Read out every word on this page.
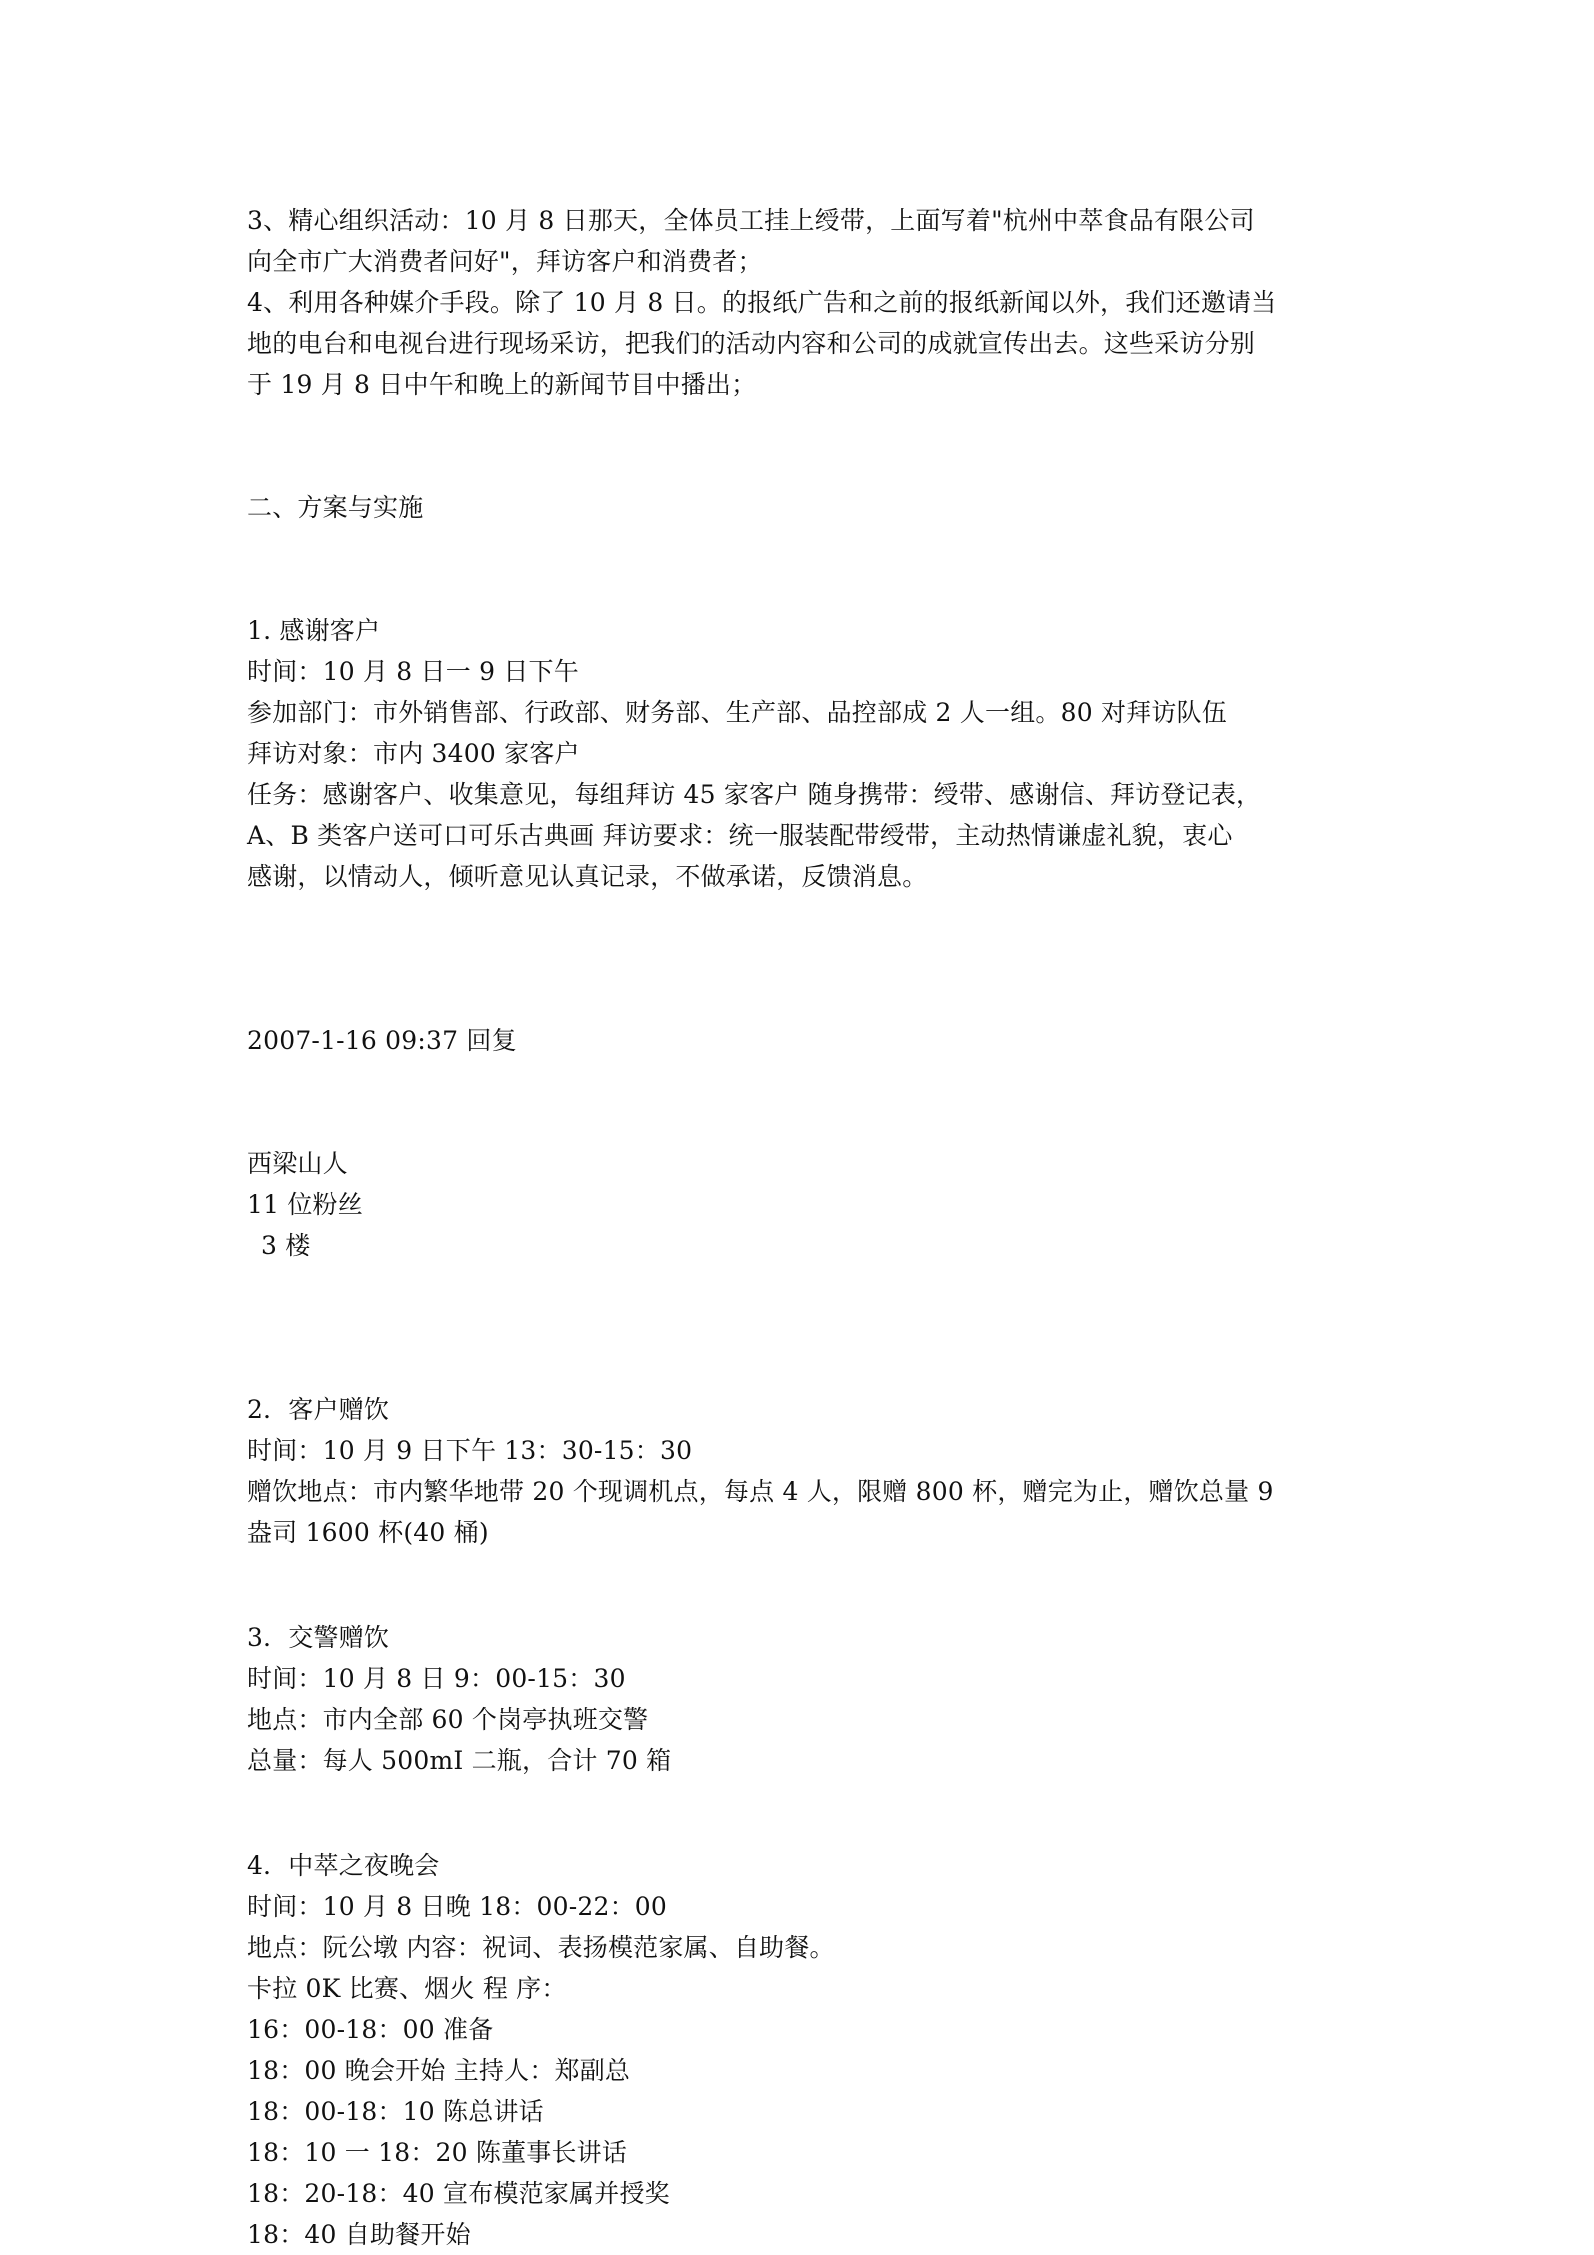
3、精心组织活动：10 月 8 日那天，全体员工挂上绶带，上面写着"杭州中萃食品有限公司
向全市广大消费者问好"，拜访客户和消费者；
4、利用各种媒介手段。除了 10 月 8 日。的报纸广告和之前的报纸新闻以外，我们还邀请当
地的电台和电视台进行现场采访，把我们的活动内容和公司的成就宣传出去。这些采访分别
于 19 月 8 日中午和晚上的新闻节目中播出；
二、方案与实施
1. 感谢客户
时间：10 月 8 日一 9 日下午
参加部门：市外销售部、行政部、财务部、生产部、品控部成 2 人一组。80 对拜访队伍
拜访对象：市内 3400 家客户
任务：感谢客户、收集意见，每组拜访 45 家客户 随身携带：绶带、感谢信、拜访登记表，
A、B 类客户送可口可乐古典画 拜访要求：统一服装配带绶带，主动热情谦虚礼貌，衷心
感谢，以情动人，倾听意见认真记录，不做承诺，反馈消息。
2007-1-16 09:37 回复
西梁山人
11 位粉丝
3 楼
2．客户赠饮
时间：10 月 9 日下午 13：30-15：30
赠饮地点：市内繁华地带 20 个现调机点，每点 4 人，限赠 800 杯，赠完为止，赠饮总量 9
盎司 1600 杯(40 桶)
3．交警赠饮
时间：10 月 8 日 9：00-15：30
地点：市内全部 60 个岗亭执班交警
总量：每人 500mI 二瓶，合计 70 箱
4．中萃之夜晚会
时间：10 月 8 日晚 18：00-22：00
地点：阮公墩 内容：祝词、表扬模范家属、自助餐。
卡拉 0K 比赛、烟火 程 序：
16：00-18：00 准备
18：00 晚会开始 主持人：郑副总
18：00-18：10 陈总讲话
18：10 一 18：20 陈董事长讲话
18：20-18：40 宣布模范家属并授奖
18：40 自助餐开始
